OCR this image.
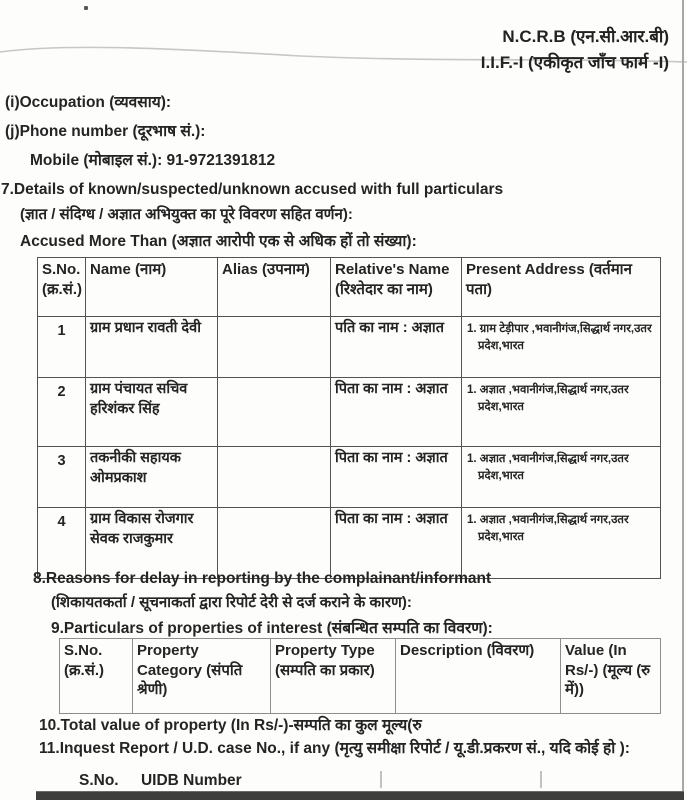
N.C.R.B (एन.सी.आर.बी)
I.I.F.-I (एकीकृत जाँच फार्म -I)
(i)Occupation (व्यवसाय):
(j)Phone number (दूरभाष सं.):
Mobile (मोबाइल सं.): 91-9721391812
7.Details of known/suspected/unknown accused with full particulars
(ज्ञात / संदिग्ध / अज्ञात अभियुक्त का पूरे विवरण सहित वर्णन):
Accused More Than (अज्ञात आरोपी एक से अधिक हों तो संख्या):
S.No. (क्र.सं.)	Name (नाम)	Alias (उपनाम)	Relative's Name (रिश्तेदार का नाम)	Present Address (वर्तमान पता)
1	ग्राम प्रधान रावती देवी		पति का नाम : अज्ञात	1. ग्राम टेड़ीपार ,भवानीगंज,सिद्धार्थ नगर,उतर प्रदेश,भारत
2	ग्राम पंचायत सचिव हरिशंकर सिंह		पिता का नाम : अज्ञात	1. अज्ञात ,भवानीगंज,सिद्धार्थ नगर,उतर प्रदेश,भारत
3	तकनीकी सहायक ओमप्रकाश		पिता का नाम : अज्ञात	1. अज्ञात ,भवानीगंज,सिद्धार्थ नगर,उतर प्रदेश,भारत
4	ग्राम विकास रोजगार सेवक राजकुमार		पिता का नाम : अज्ञात	1. अज्ञात ,भवानीगंज,सिद्धार्थ नगर,उतर प्रदेश,भारत
8.Reasons for delay in reporting by the complainant/informant
(शिकायतकर्ता / सूचनाकर्ता द्वारा रिपोर्ट देरी से दर्ज कराने के कारण):
9.Particulars of properties of interest (संबन्धित सम्पति का विवरण):
S.No. (क्र.सं.)	Property Category (संपति श्रेणी)	Property Type (सम्पति का प्रकार)	Description (विवरण)	Value (In Rs/-) (मूल्य (रु में))
10.Total value of property (In Rs/-)-सम्पति का कुल मूल्य(रु
11.Inquest Report / U.D. case No., if any (मृत्यु समीक्षा रिपोर्ट / यू.डी.प्रकरण सं., यदि कोई हो ):
S.No. UIDB Number
